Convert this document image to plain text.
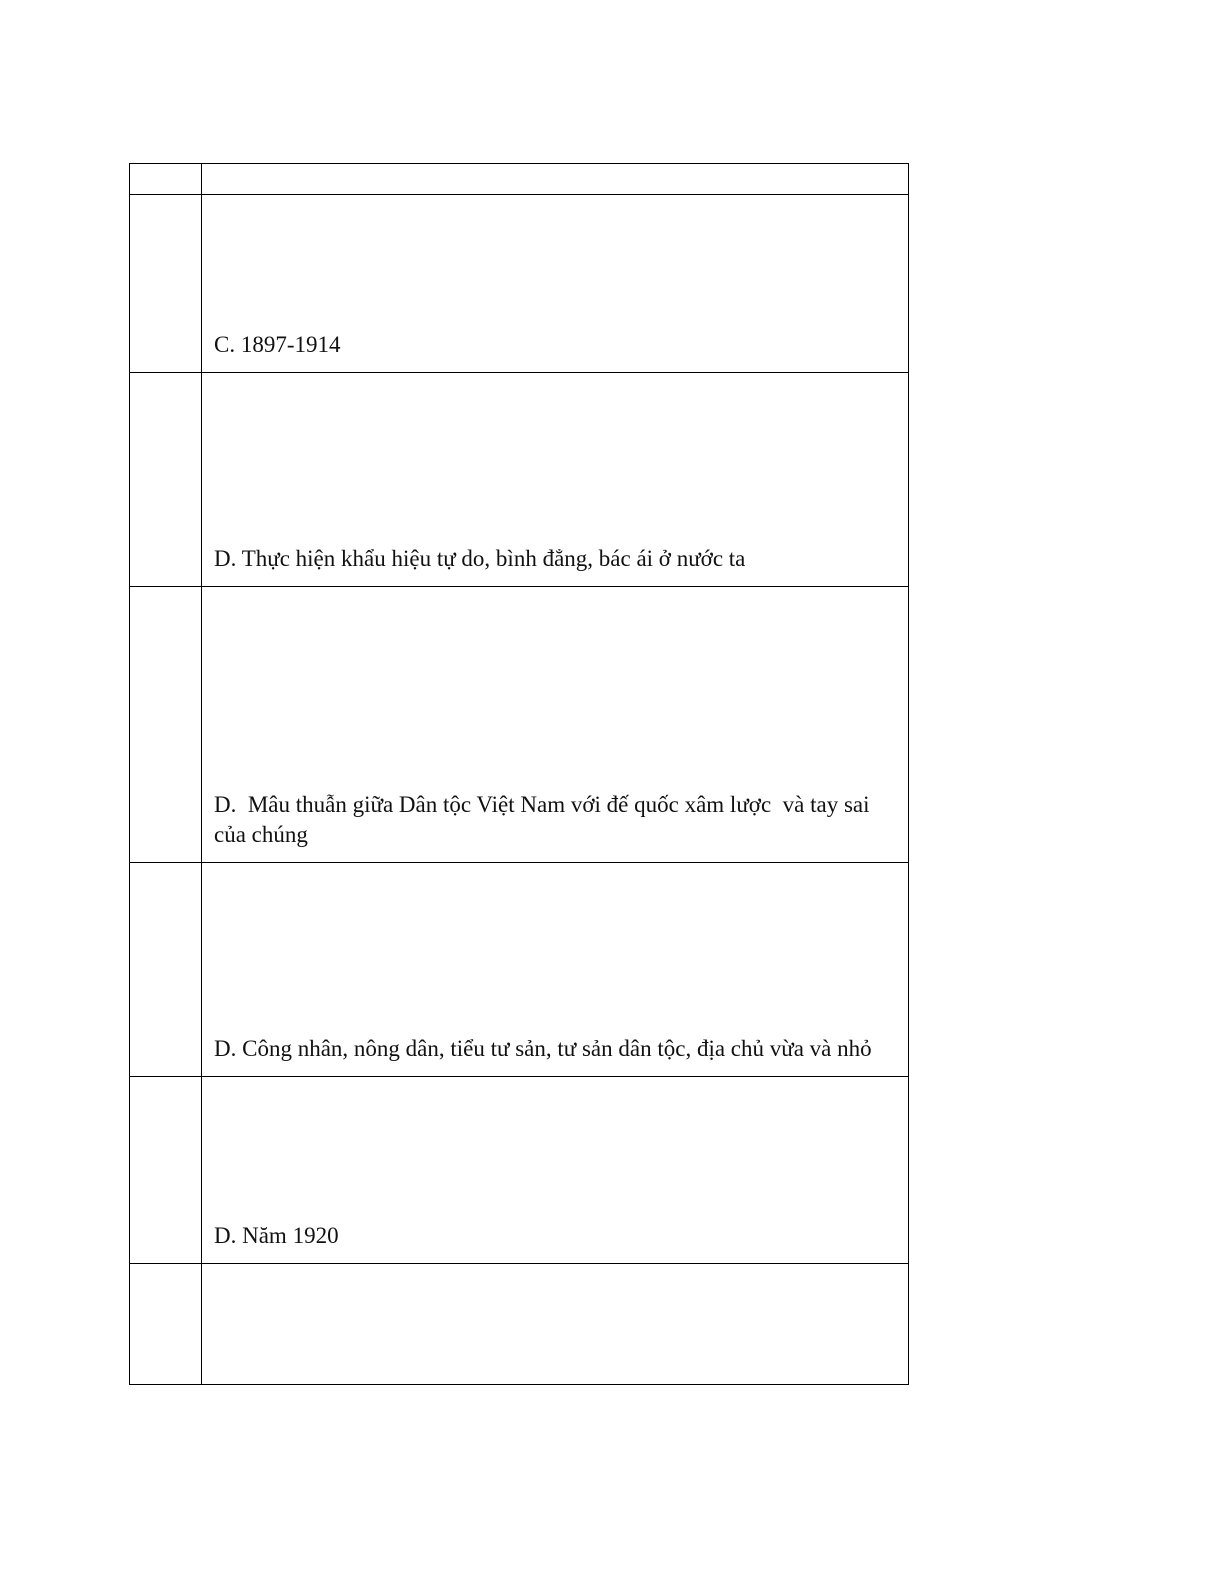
	C. 1897-1914

	D. Thực hiện khẩu hiệu tự do, bình đẳng, bác ái ở nước ta

	D.  Mâu thuẫn giữa Dân tộc Việt Nam với đế quốc xâm lược  và tay sai của chúng

	D. Công nhân, nông dân, tiểu tư sản, tư sản dân tộc, địa chủ vừa và nhỏ

	D. Năm 1920
